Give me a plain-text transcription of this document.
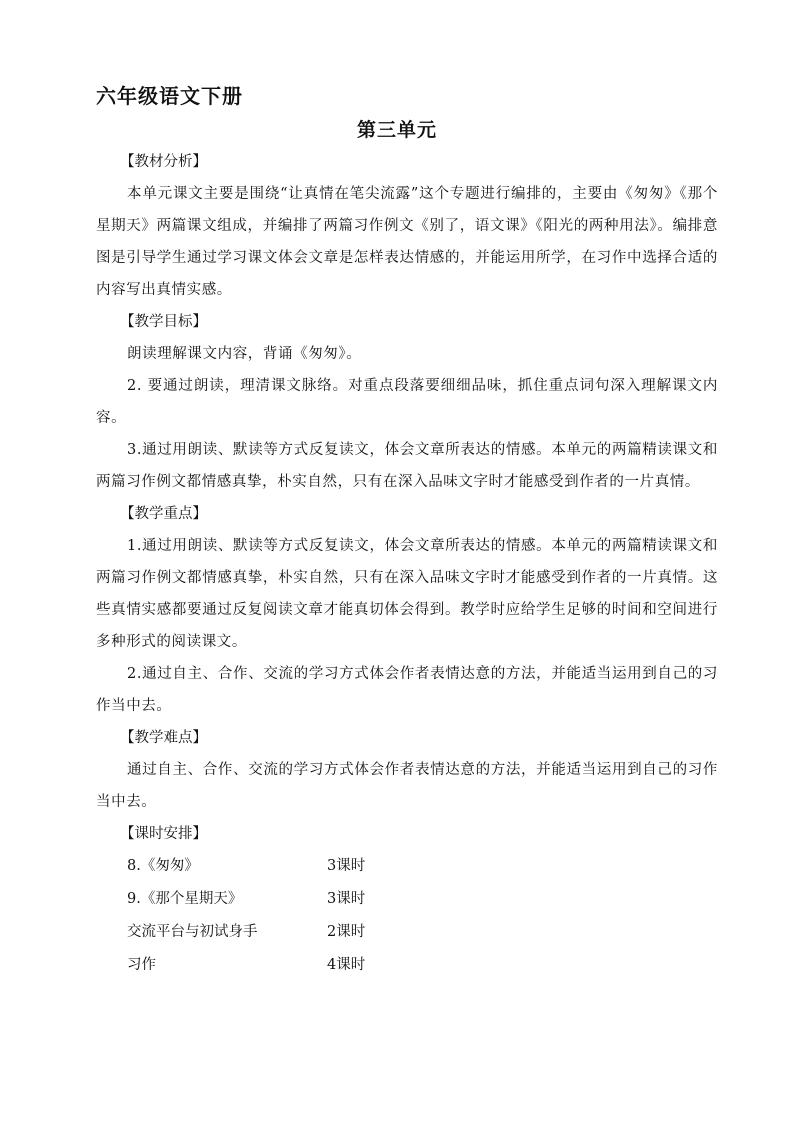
六年级语文下册
第三单元

【教材分析】

本单元课文主要是围绕“让真情在笔尖流露”这个专题进行编排的，主要由《匆匆》《那个星期天》两篇课文组成，并编排了两篇习作例文《别了，语文课》《阳光的两种用法》。编排意图是引导学生通过学习课文体会文章是怎样表达情感的，并能运用所学，在习作中选择合适的内容写出真情实感。

【教学目标】

朗读理解课文内容，背诵《匆匆》。

2. 要通过朗读，理清课文脉络。对重点段落要细细品味，抓住重点词句深入理解课文内容。

3.通过用朗读、默读等方式反复读文，体会文章所表达的情感。本单元的两篇精读课文和两篇习作例文都情感真挚，朴实自然，只有在深入品味文字时才能感受到作者的一片真情。

【教学重点】

1.通过用朗读、默读等方式反复读文，体会文章所表达的情感。本单元的两篇精读课文和两篇习作例文都情感真挚，朴实自然，只有在深入品味文字时才能感受到作者的一片真情。这些真情实感都要通过反复阅读文章才能真切体会得到。教学时应给学生足够的时间和空间进行多种形式的阅读课文。

2.通过自主、合作、交流的学习方式体会作者表情达意的方法，并能适当运用到自己的习作当中去。

【教学难点】

通过自主、合作、交流的学习方式体会作者表情达意的方法，并能适当运用到自己的习作当中去。

【课时安排】

8.《匆匆》	3课时
9.《那个星期天》	3课时
交流平台与初试身手	2课时
习作	4课时
